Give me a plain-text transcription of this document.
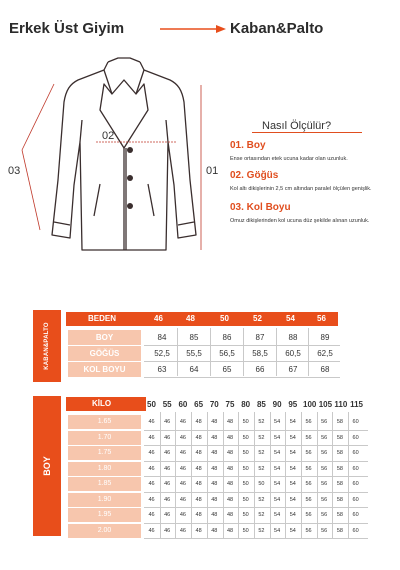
Erkek Üst Giyim	Kaban&Palto
02
03	01
Nasıl Ölçülür?
01. Boy
Ense ortasından etek ucuna kadar olan uzunluk.
02. Göğüs
Kol altı dikişlerinin 2,5 cm altından paralel ölçülen genişlik.
03. Kol Boyu
Omuz dikişlerinden kol ucuna düz şekilde alınan uzunluk.
KABAN&PALTO
BEDEN	46	48	50	52	54	56
BOY	84	85	86	87	88	89
GÖĞÜS	52,5	55,5	56,5	58,5	60,5	62,5
KOL BOYU	63	64	65	66	67	68
BOY
KİLO	50 55 60 65 70 75 80 85 90 95 100 105 110 115
1.65	46	46	46	48	48	48	50	52	54	54	56	56	58	60
1.70	46	46	46	48	48	48	50	52	54	54	56	56	58	60
1.75	46	46	46	48	48	48	50	52	54	54	56	56	58	60
1.80	46	46	46	48	48	48	50	52	54	54	56	56	58	60
1.85	46	46	46	48	48	48	50	50	54	54	56	56	58	60
1.90	46	46	46	48	48	48	50	52	54	54	56	56	58	60
1.95	46	46	46	48	48	48	50	52	54	54	56	56	58	60
2.00	46	46	46	48	48	48	50	52	54	54	56	56	58	60
